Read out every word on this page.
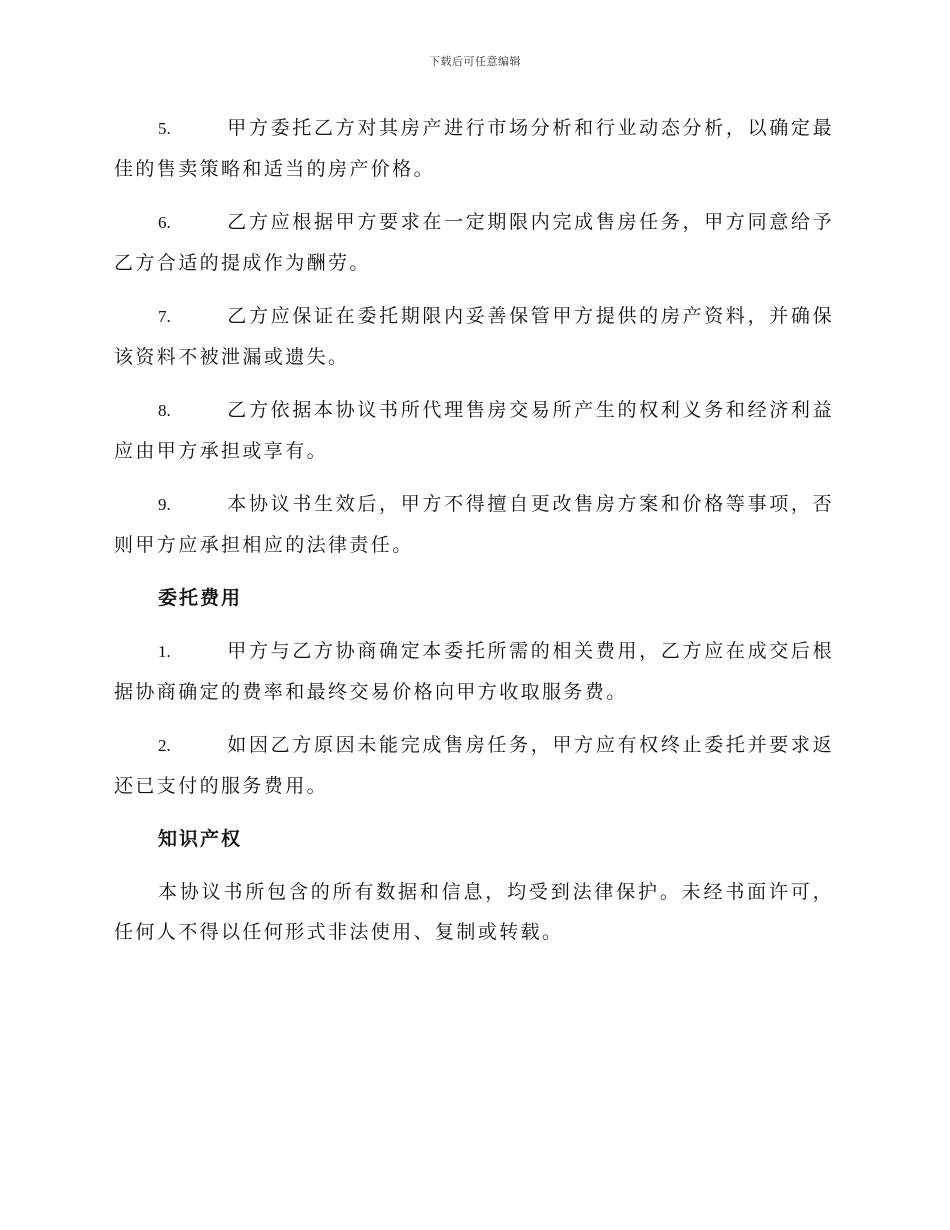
下载后可任意编辑
5.	甲方委托乙方对其房产进行市场分析和行业动态分析，以确定最佳的售卖策略和适当的房产价格。
6.	乙方应根据甲方要求在一定期限内完成售房任务，甲方同意给予乙方合适的提成作为酬劳。
7.	乙方应保证在委托期限内妥善保管甲方提供的房产资料，并确保该资料不被泄漏或遗失。
8.	乙方依据本协议书所代理售房交易所产生的权利义务和经济利益应由甲方承担或享有。
9.	本协议书生效后，甲方不得擅自更改售房方案和价格等事项，否则甲方应承担相应的法律责任。
委托费用
1.	甲方与乙方协商确定本委托所需的相关费用，乙方应在成交后根据协商确定的费率和最终交易价格向甲方收取服务费。
2.	如因乙方原因未能完成售房任务，甲方应有权终止委托并要求返还已支付的服务费用。
知识产权
本协议书所包含的所有数据和信息，均受到法律保护。未经书面许可，任何人不得以任何形式非法使用、复制或转载。
